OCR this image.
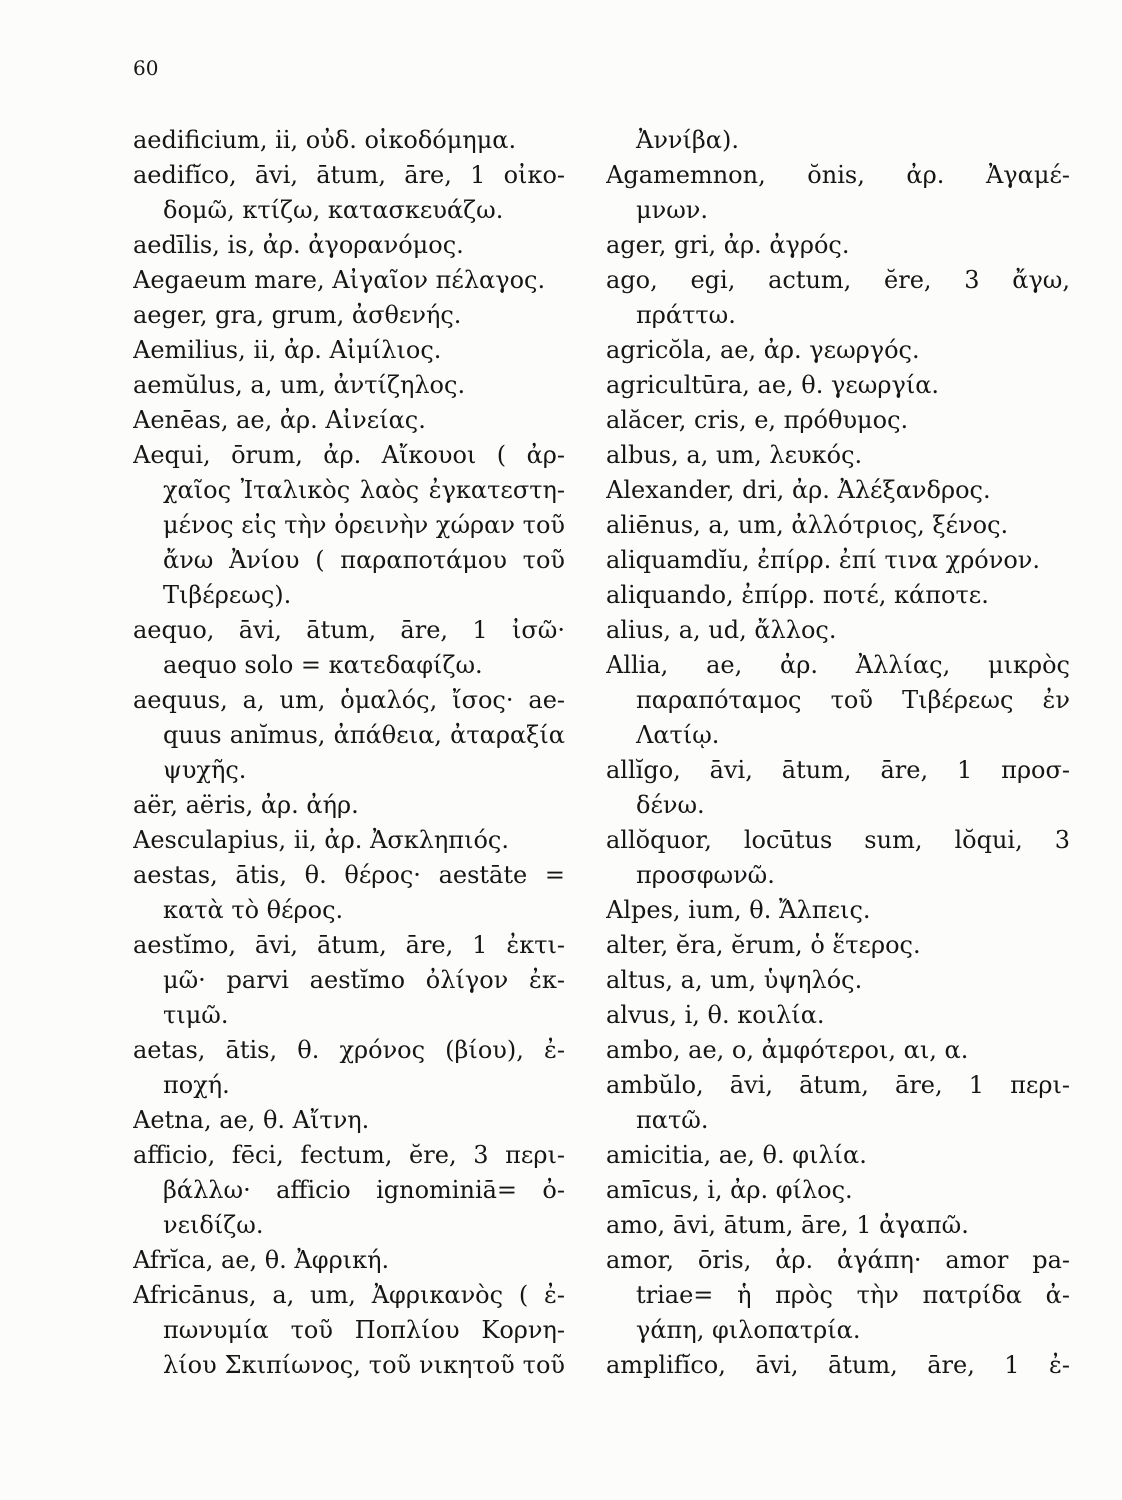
60
aedificium, ii, οὐδ. οἰκοδόμημα.
aedifĭco, āvi, ātum, āre, 1 οἰκο-
δομῶ, κτίζω, κατασκευάζω.
aedīlis, is, ἀρ. ἀγορανόμος.
Aegaeum mare, Αἰγαῖον πέλαγος.
aeger, gra, grum, ἀσθενής.
Aemilius, ii, ἀρ. Αἰμίλιος.
aemŭlus, a, um, ἀντίζηλος.
Aenēas, ae, ἀρ. Αἰνείας.
Aequi, ōrum, ἀρ. Αἴκουοι ( ἀρ-
χαῖος Ἰταλικὸς λαὸς ἐγκατεστη-
μένος εἰς τὴν ὀρεινὴν χώραν τοῦ
ἄνω Ἀνίου ( παραποτάμου τοῦ
Τιβέρεως).
aequo, āvi, ātum, āre, 1 ἰσῶ·
aequo solo = κατεδαφίζω.
aequus, a, um, ὁμαλός, ἴσος· ae-
quus anĭmus, ἀπάθεια, ἀταραξία
ψυχῆς.
aër, aëris, ἀρ. ἀήρ.
Aesculapius, ii, ἀρ. Ἀσκληπιός.
aestas, ātis, θ. θέρος· aestāte =
κατὰ τὸ θέρος.
aestĭmo, āvi, ātum, āre, 1 ἐκτι-
μῶ· parvi aestĭmo ὀλίγον ἐκ-
τιμῶ.
aetas, ātis, θ. χρόνος (βίου), ἐ-
ποχή.
Aetna, ae, θ. Αἴτνη.
afficio, fēci, fectum, ĕre, 3 περι-
βάλλω· afficio ignominiā= ὀ-
νειδίζω.
Afrĭca, ae, θ. Ἀφρική.
Africānus, a, um, Ἀφρικανὸς ( ἐ-
πωνυμία τοῦ Ποπλίου Κορνη-
λίου Σκιπίωνος, τοῦ νικητοῦ τοῦ
Ἀννίβα).
Agamemnon, ŏnis, ἀρ. Ἀγαμέ-
μνων.
ager, gri, ἀρ. ἀγρός.
ago, egi, actum, ĕre, 3 ἄγω,
πράττω.
agricŏla, ae, ἀρ. γεωργός.
agricultūra, ae, θ. γεωργία.
alăcer, cris, e, πρόθυμος.
albus, a, um, λευκός.
Alexander, dri, ἀρ. Ἀλέξανδρος.
aliēnus, a, um, ἀλλότριος, ξένος.
aliquamdĭu, ἐπίρρ. ἐπί τινα χρόνον.
aliquando, ἐπίρρ. ποτέ, κάποτε.
alius, a, ud, ἄλλος.
Allia, ae, ἀρ. Ἀλλίας, μικρὸς
παραπόταμος τοῦ Τιβέρεως ἐν
Λατίῳ.
allĭgo, āvi, ātum, āre, 1 προσ-
δένω.
allŏquor, locūtus sum, lŏqui, 3
προσφωνῶ.
Alpes, ium, θ. Ἄλπεις.
alter, ĕra, ĕrum, ὁ ἕτερος.
altus, a, um, ὑψηλός.
alvus, i, θ. κοιλία.
ambo, ae, o, ἀμφότεροι, αι, α.
ambŭlo, āvi, ātum, āre, 1 περι-
πατῶ.
amicitia, ae, θ. φιλία.
amīcus, i, ἀρ. φίλος.
amo, āvi, ātum, āre, 1 ἀγαπῶ.
amor, ōris, ἀρ. ἀγάπη· amor pa-
triae= ἡ πρὸς τὴν πατρίδα ἀ-
γάπη, φιλοπατρία.
amplifĭco, āvi, ātum, āre, 1 ἐ-
